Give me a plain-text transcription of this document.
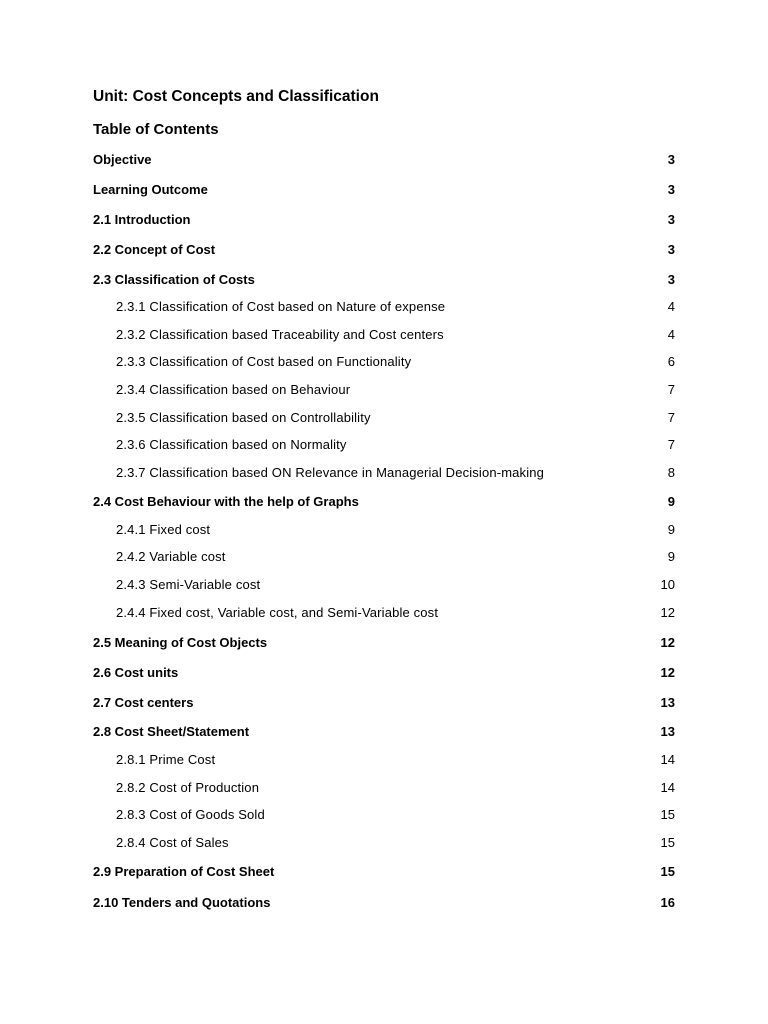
Unit: Cost Concepts and Classification
Table of Contents
Objective	3
Learning Outcome	3
2.1 Introduction	3
2.2 Concept of Cost	3
2.3 Classification of Costs	3
2.3.1 Classification of Cost based on Nature of expense	4
2.3.2 Classification based Traceability and Cost centers	4
2.3.3 Classification of Cost based on Functionality	6
2.3.4 Classification based on Behaviour	7
2.3.5 Classification based on Controllability	7
2.3.6 Classification based on Normality	7
2.3.7 Classification based ON Relevance in Managerial Decision-making	8
2.4 Cost Behaviour with the help of Graphs	9
2.4.1 Fixed cost	9
2.4.2 Variable cost	9
2.4.3 Semi-Variable cost	10
2.4.4 Fixed cost, Variable cost, and Semi-Variable cost	12
2.5 Meaning of Cost Objects	12
2.6 Cost units	12
2.7 Cost centers	13
2.8 Cost Sheet/Statement	13
2.8.1 Prime Cost	14
2.8.2 Cost of Production	14
2.8.3 Cost of Goods Sold	15
2.8.4 Cost of Sales	15
2.9 Preparation of Cost Sheet	15
2.10 Tenders and Quotations	16
